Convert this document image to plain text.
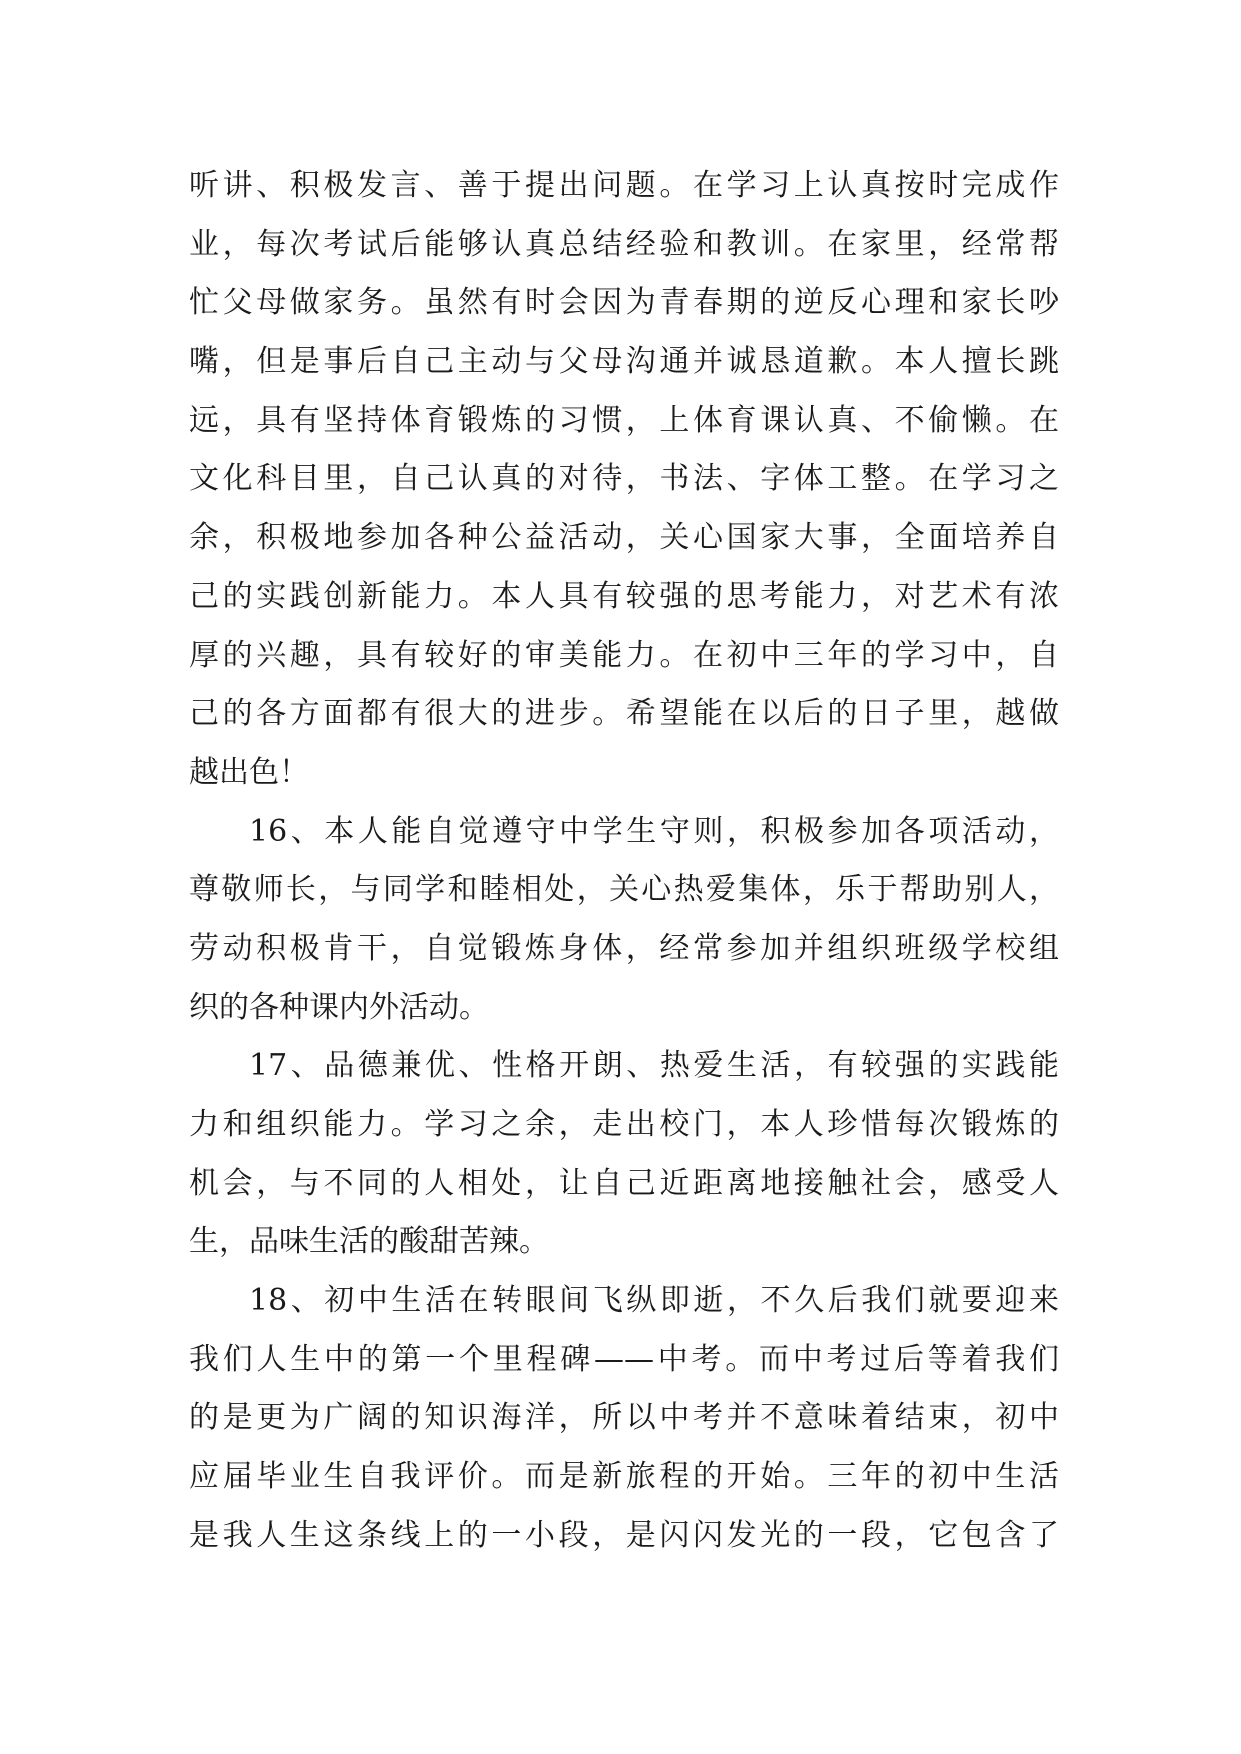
听讲、积极发言、善于提出问题。在学习上认真按时完成作
业，每次考试后能够认真总结经验和教训。在家里，经常帮
忙父母做家务。虽然有时会因为青春期的逆反心理和家长吵
嘴，但是事后自己主动与父母沟通并诚恳道歉。本人擅长跳
远，具有坚持体育锻炼的习惯，上体育课认真、不偷懒。在
文化科目里，自己认真的对待，书法、字体工整。在学习之
余，积极地参加各种公益活动，关心国家大事，全面培养自
己的实践创新能力。本人具有较强的思考能力，对艺术有浓
厚的兴趣，具有较好的审美能力。在初中三年的学习中，自
己的各方面都有很大的进步。希望能在以后的日子里，越做
越出色！
16、本人能自觉遵守中学生守则，积极参加各项活动，
尊敬师长，与同学和睦相处，关心热爱集体，乐于帮助别人，
劳动积极肯干，自觉锻炼身体，经常参加并组织班级学校组
织的各种课内外活动。
17、品德兼优、性格开朗、热爱生活，有较强的实践能
力和组织能力。学习之余，走出校门，本人珍惜每次锻炼的
机会，与不同的人相处，让自己近距离地接触社会，感受人
生，品味生活的酸甜苦辣。
18、初中生活在转眼间飞纵即逝，不久后我们就要迎来
我们人生中的第一个里程碑——中考。而中考过后等着我们
的是更为广阔的知识海洋，所以中考并不意味着结束，初中
应届毕业生自我评价。而是新旅程的开始。三年的初中生活
是我人生这条线上的一小段，是闪闪发光的一段，它包含了
